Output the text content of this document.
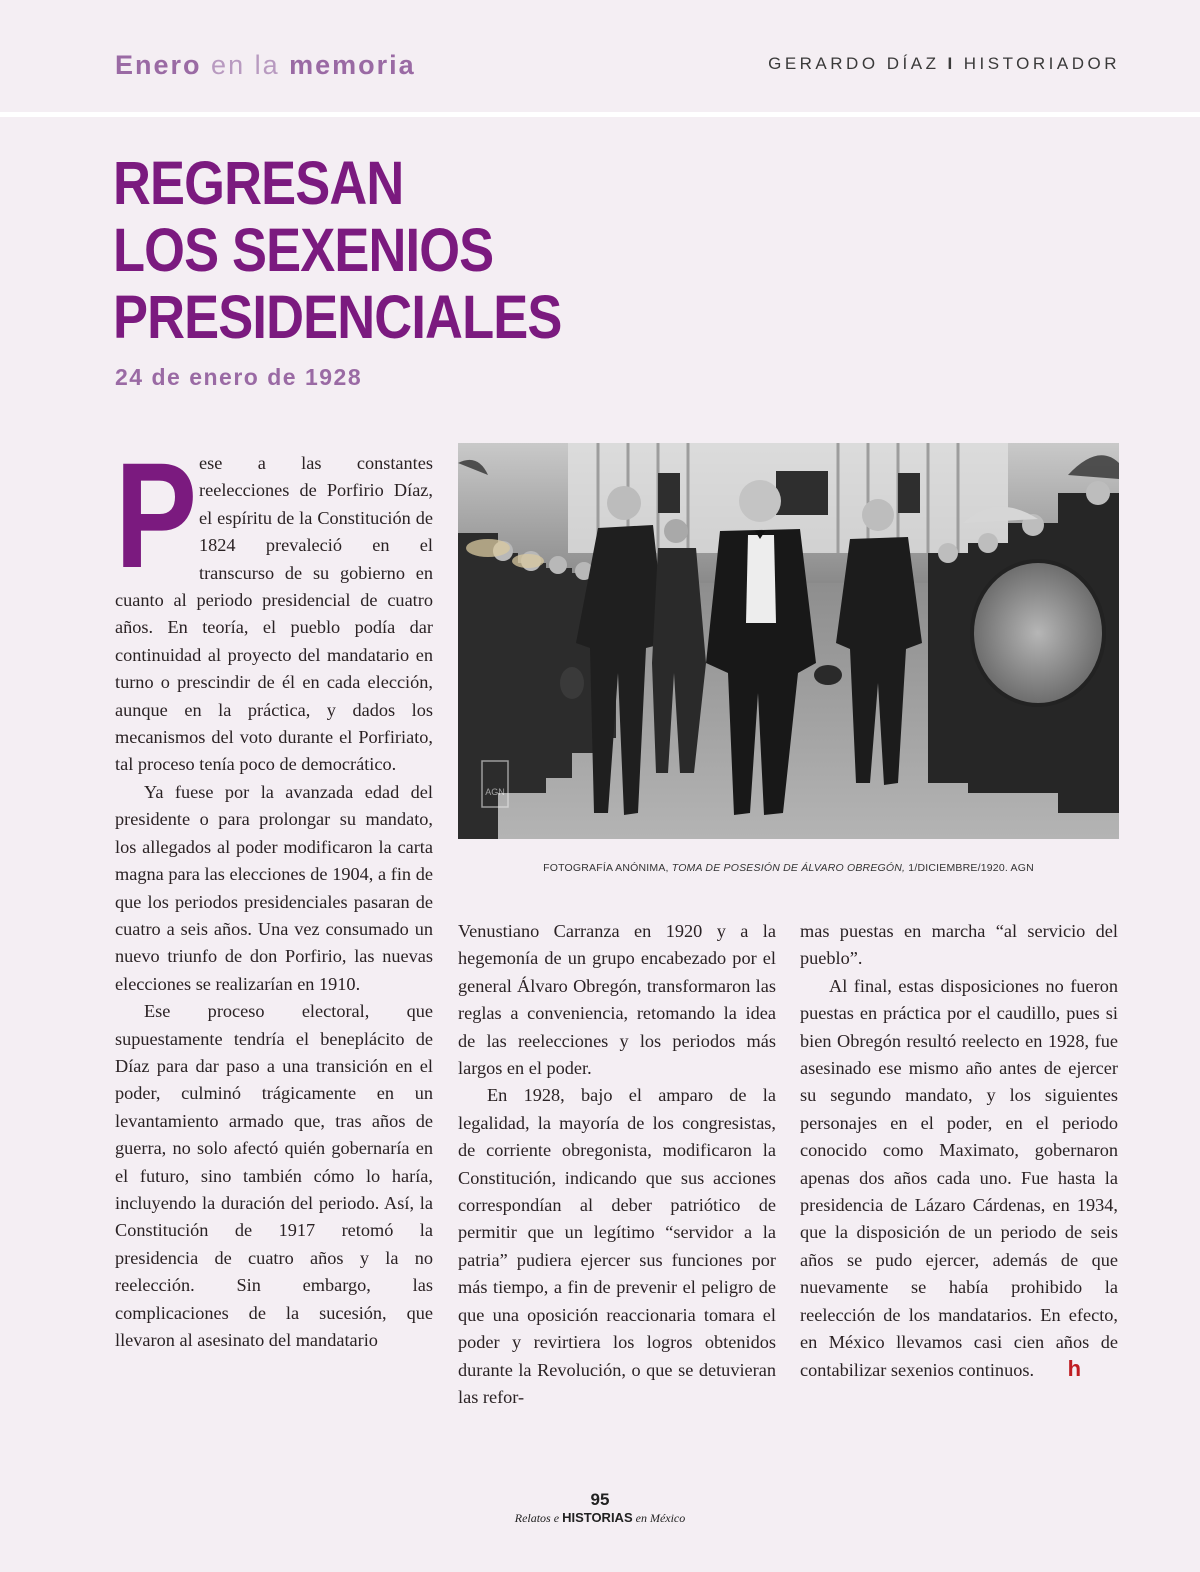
Enero en la memoria	GERARDO DÍAZ I HISTORIADOR
REGRESAN
LOS SEXENIOS
PRESIDENCIALES
24 de enero de 1928
P ese a las constantes reelecciones de Porfirio Díaz, el espíritu de la Constitución de 1824 prevaleció en el transcurso de su gobierno en cuanto al periodo presidencial de cuatro años. En teoría, el pueblo podía dar continuidad al proyecto del mandatario en turno o prescindir de él en cada elección, aunque en la práctica, y dados los mecanismos del voto durante el Porfiriato, tal proceso tenía poco de democrático.

Ya fuese por la avanzada edad del presidente o para prolongar su mandato, los allegados al poder modificaron la carta magna para las elecciones de 1904, a fin de que los periodos presidenciales pasaran de cuatro a seis años. Una vez consumado un nuevo triunfo de don Porfirio, las nuevas elecciones se realizarían en 1910.

Ese proceso electoral, que supuestamente tendría el beneplácito de Díaz para dar paso a una transición en el poder, culminó trágicamente en un levantamiento armado que, tras años de guerra, no solo afectó quién gobernaría en el futuro, sino también cómo lo haría, incluyendo la duración del periodo. Así, la Constitución de 1917 retomó la presidencia de cuatro años y la no reelección. Sin embargo, las complicaciones de la sucesión, que llevaron al asesinato del mandatario

AGN
FOTOGRAFÍA ANÓNIMA, TOMA DE POSESIÓN DE ÁLVARO OBREGÓN, 1/DICIEMBRE/1920. AGN

Venustiano Carranza en 1920 y a la hegemonía de un grupo encabezado por el general Álvaro Obregón, transformaron las reglas a conveniencia, retomando la idea de las reelecciones y los periodos más largos en el poder.

En 1928, bajo el amparo de la legalidad, la mayoría de los congresistas, de corriente obregonista, modificaron la Constitución, indicando que sus acciones correspondían al deber patriótico de permitir que un legítimo “servidor a la patria” pudiera ejercer sus funciones por más tiempo, a fin de prevenir el peligro de que una oposición reaccionaria tomara el poder y revirtiera los logros obtenidos durante la Revolución, o que se detuvieran las refor-

mas puestas en marcha “al servicio del pueblo”.

Al final, estas disposiciones no fueron puestas en práctica por el caudillo, pues si bien Obregón resultó reelecto en 1928, fue asesinado ese mismo año antes de ejercer su segundo mandato, y los siguientes personajes en el poder, en el periodo conocido como Maximato, gobernaron apenas dos años cada uno. Fue hasta la presidencia de Lázaro Cárdenas, en 1934, que la disposición de un periodo de seis años se pudo ejercer, además de que nuevamente se había prohibido la reelección de los mandatarios. En efecto, en México llevamos casi cien años de contabilizar sexenios continuos. h

95
Relatos e HISTORIAS en México
